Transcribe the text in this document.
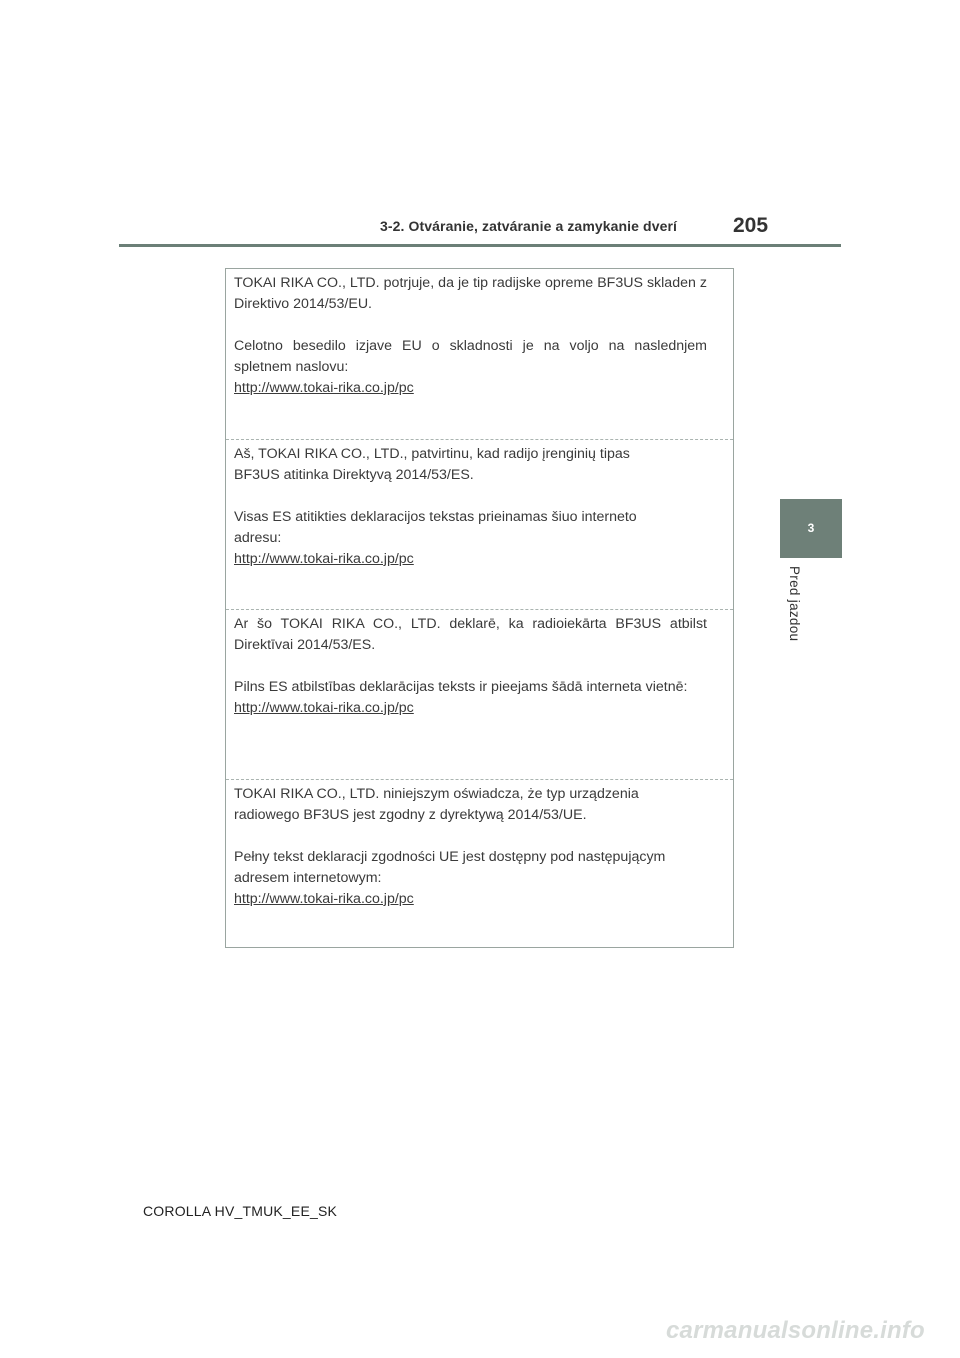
3-2. Otváranie, zatváranie a zamykanie dverí	205
3
Pred jazdou

TOKAI RIKA CO., LTD. potrjuje, da je tip radijske opreme BF3US skladen z Direktivo 2014/53/EU.

Celotno besedilo izjave EU o skladnosti je na voljo na naslednjem spletnem naslovu:

http://www.tokai-rika.co.jp/pc

Aš, TOKAI RIKA CO., LTD., patvirtinu, kad radijo įrenginių tipas BF3US atitinka Direktyvą 2014/53/ES.

Visas ES atitikties deklaracijos tekstas prieinamas šiuo interneto adresu:

http://www.tokai-rika.co.jp/pc

Ar šo TOKAI RIKA CO., LTD. deklarē, ka radioiekārta BF3US atbilst Direktīvai 2014/53/ES.

Pilns ES atbilstības deklarācijas teksts ir pieejams šādā interneta vietnē:

http://www.tokai-rika.co.jp/pc

TOKAI RIKA CO., LTD. niniejszym oświadcza, że typ urządzenia radiowego BF3US jest zgodny z dyrektywą 2014/53/UE.

Pełny tekst deklaracji zgodności UE jest dostępny pod następującym adresem internetowym:

http://www.tokai-rika.co.jp/pc
COROLLA HV_TMUK_EE_SK
carmanualsonline.info
